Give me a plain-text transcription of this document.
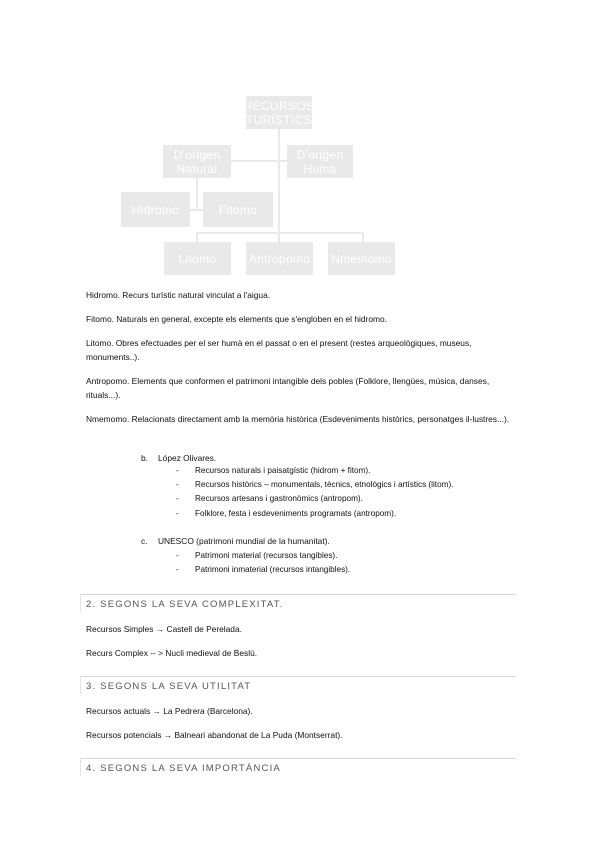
RECURSOS TURÍSTICS
D'origen Natural
D'origen Humà
Hidromo	Fitomo
Litomo	Antropomo Nmemomo
Hidromo. Recurs turístic natural vinculat a l'aigua.
Fitomo. Naturals en general, excepte els elements que s'engloben en el hidromo.
Litomo. Obres efectuades per el ser humà en el passat o en el present (restes arqueològiques, museus, monuments..).
Antropomo. Elements que conformen el patrimoni intangible dels pobles (Folklore, llengües, música, danses, rituals...).
Nmemomo. Relacionats directament amb la memòria històrica (Esdeveniments històrics, personatges il-lustres...).
b. López Olivares.
- Recursos naturals i paisatgístic (hidrom + fitom).
- Recursos històrics – monumentals, tècnics, etnològics i artístics (litom).
- Recursos artesans i gastronòmics (antropom).
- Folklore, festa i esdeveniments programats (antropom).
c. UNESCO (patrimoni mundial de la humanitat).
- Patrimoni material (recursos tangibles).
- Patrimoni inmaterial (recursos intangibles).
2. SEGONS LA SEVA COMPLEXITAT.
Recursos Simples → Castell de Perelada.
Recurs Complex -- > Nucli medieval de Beslú.
3. SEGONS LA SEVA UTILITAT
Recursos actuals → La Pedrera (Barcelona).
Recursos potencials → Balneari abandonat de La Puda (Montserrat).
4. SEGONS LA SEVA IMPORTÀNCIA
